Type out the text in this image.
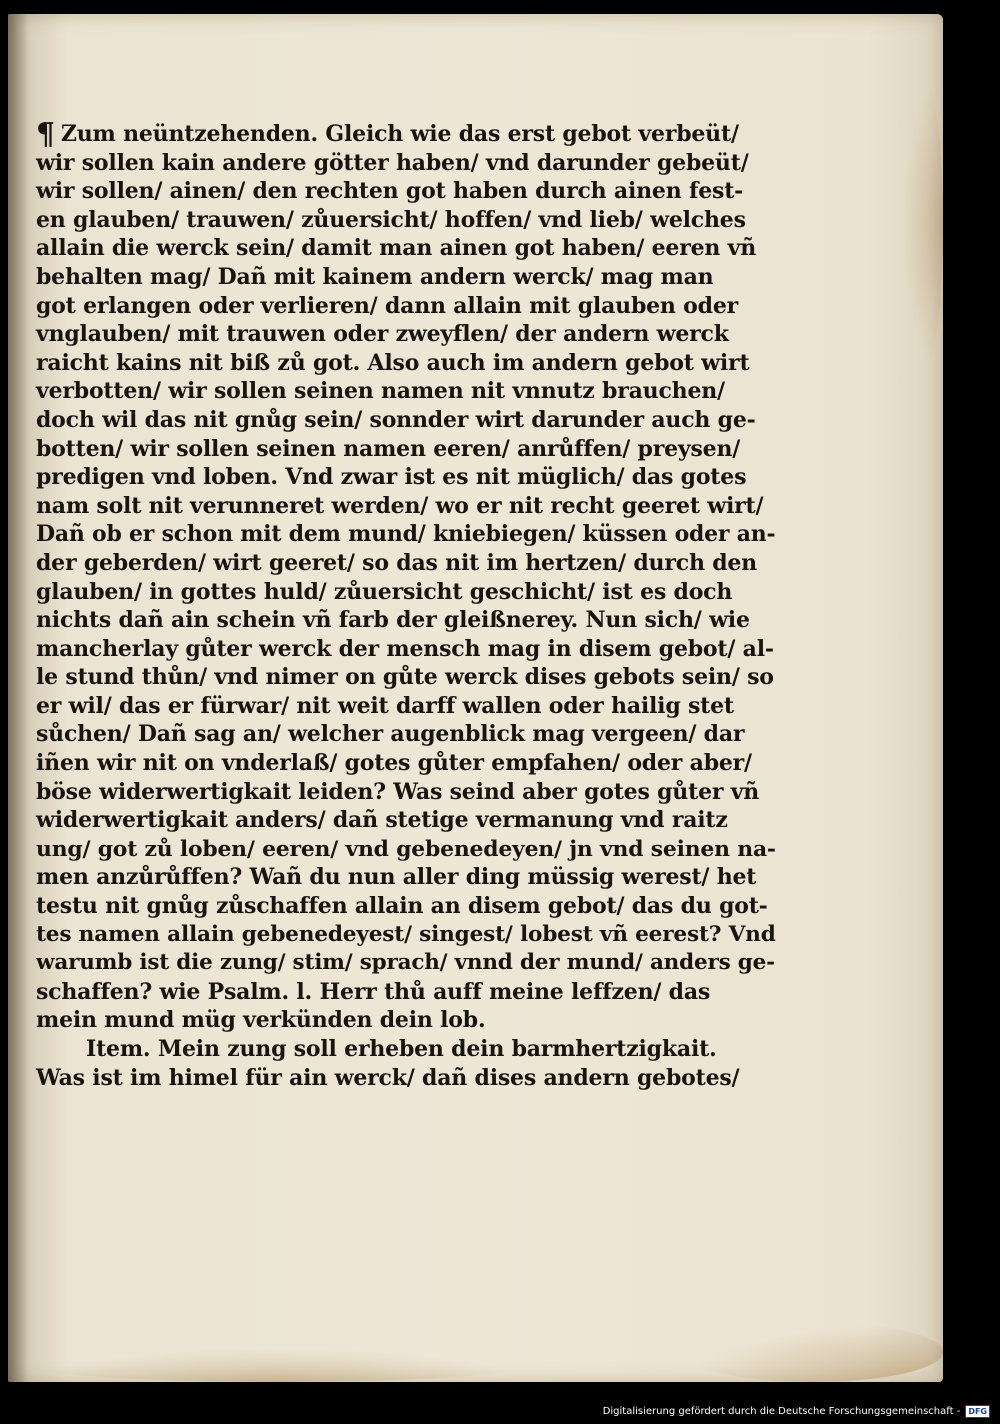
¶ Zum neüntzehenden. Gleich wie das erst gebot verbeüt/
wir sollen kain andere götter haben/ vnd darunder gebeüt/
wir sollen/ ainen/ den rechten got haben durch ainen fest-
en glauben/ trauwen/ zůuersicht/ hoffen/ vnd lieb/ welches
allain die werck sein/ damit man ainen got haben/ eeren vñ
behalten mag/ Dañ mit kainem andern werck/ mag man
got erlangen oder verlieren/ dann allain mit glauben oder
vnglauben/ mit trauwen oder zweyflen/ der andern werck
raicht kains nit biß zů got. Also auch im andern gebot wirt
verbotten/ wir sollen seinen namen nit vnnutz brauchen/
doch wil das nit gnůg sein/ sonnder wirt darunder auch ge-
botten/ wir sollen seinen namen eeren/ anrůffen/ preysen/
predigen vnd loben. Vnd zwar ist es nit müglich/ das gotes
nam solt nit verunneret werden/ wo er nit recht geeret wirt/
Dañ ob er schon mit dem mund/ kniebiegen/ küssen oder an-
der geberden/ wirt geeret/ so das nit im hertzen/ durch den
glauben/ in gottes huld/ zůuersicht geschicht/ ist es doch
nichts dañ ain schein vñ farb der gleißnerey. Nun sich/ wie
mancherlay gůter werck der mensch mag in disem gebot/ al-
le stund thůn/ vnd nimer on gůte werck dises gebots sein/ so
er wil/ das er fürwar/ nit weit darff wallen oder hailig stet
sůchen/ Dañ sag an/ welcher augenblick mag vergeen/ dar
iñen wir nit on vnderlaß/ gotes gůter empfahen/ oder aber/
böse widerwertigkait leiden? Was seind aber gotes gůter vñ
widerwertigkait anders/ dañ stetige vermanung vnd raitz
ung/ got zů loben/ eeren/ vnd gebenedeyen/ jn vnd seinen na-
men anzůrůffen? Wañ du nun aller ding müssig werest/ het
testu nit gnůg zůschaffen allain an disem gebot/ das du got-
tes namen allain gebenedeyest/ singest/ lobest vñ eerest? Vnd
warumb ist die zung/ stim/ sprach/ vnnd der mund/ anders ge-
schaffen? wie Psalm. l. Herr thů auff meine leffzen/ das
mein mund müg verkünden dein lob.
Item. Mein zung soll erheben dein barmhertzigkait.
Was ist im himel für ain werck/ dañ dises andern gebotes/
Digitalisierung gefördert durch die Deutsche Forschungsgemeinschaft -	DFG
